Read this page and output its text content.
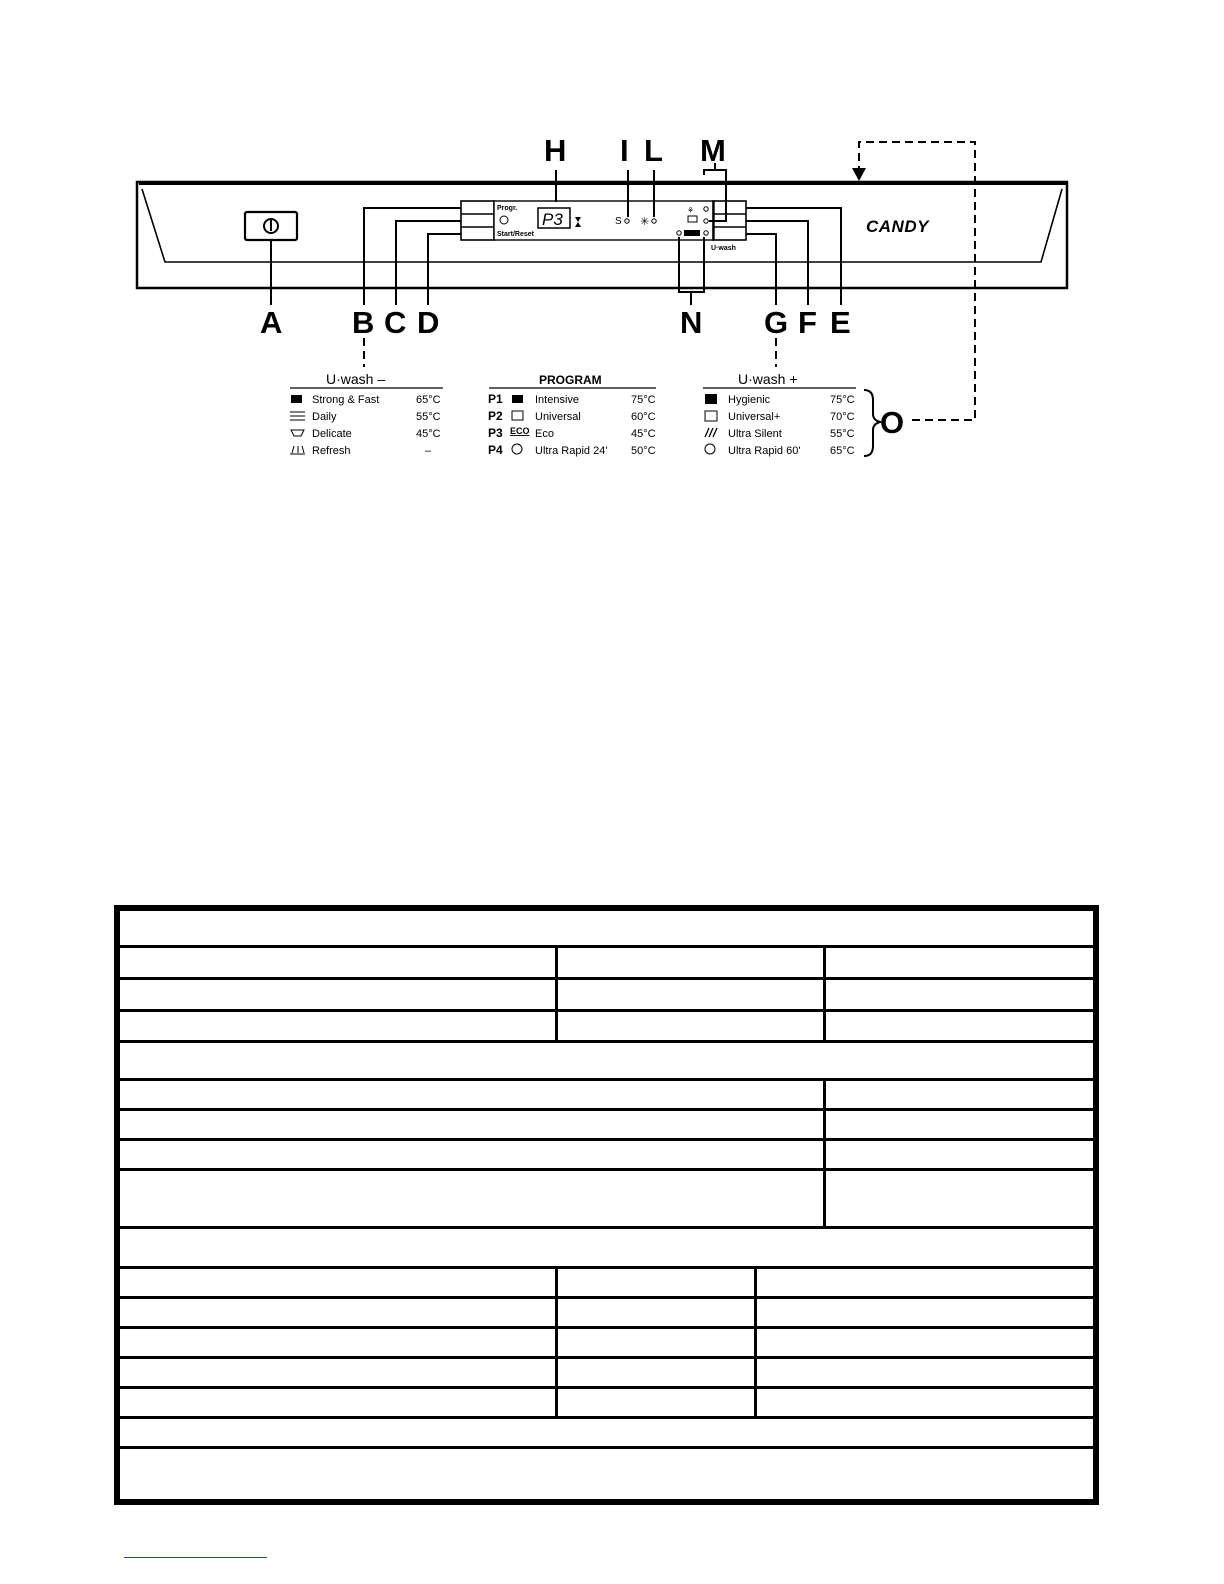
H I L M
A B C D	N G F E
O
Progr.
Start/Reset
P3	S ✳
⚘
U·wash
CANDY
U·wash –
Strong & Fast	65°C
Daily	55°C
Delicate	45°C
Refresh	–
PROGRAM
P1	Intensive	75°C
P2	Universal	60°C
P3 ECO Eco	45°C
P4	Ultra Rapid 24' 50°C
U·wash +
Hygienic	75°C
Universal+	70°C
Ultra Silent	55°C
Ultra Rapid 60'	65°C
